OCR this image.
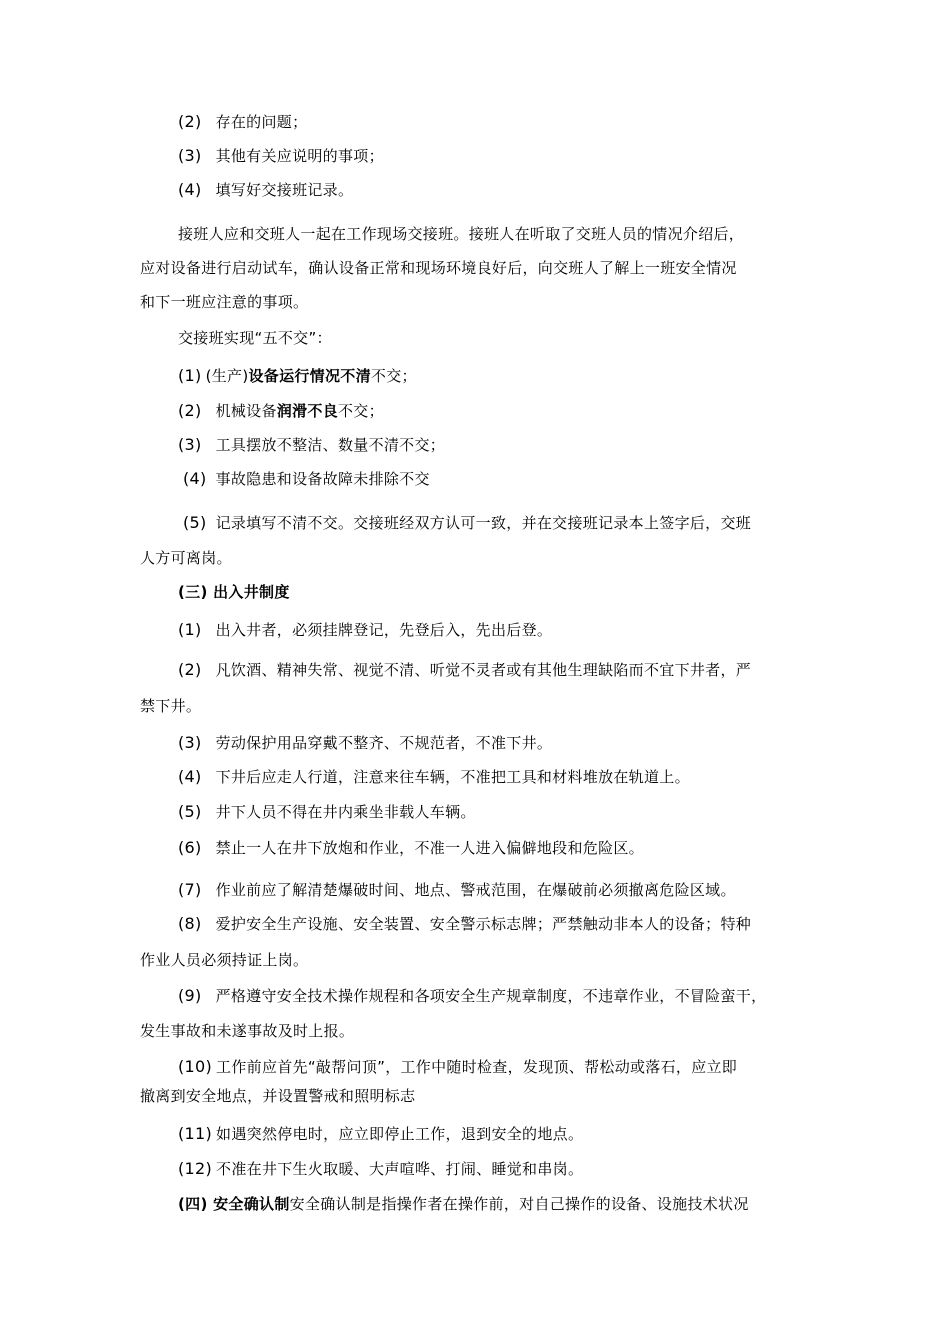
(2) 存在的问题；
(3) 其他有关应说明的事项；
(4) 填写好交接班记录。
接班人应和交班人一起在工作现场交接班。接班人在听取了交班人员的情况介绍后，
应对设备进行启动试车，确认设备正常和现场环境良好后，向交班人了解上一班安全情况
和下一班应注意的事项。
交接班实现“五不交”：
(1) (生产)设备运行情况不清不交；
(2) 机械设备润滑不良不交；
(3) 工具摆放不整洁、数量不清不交；
(4) 事故隐患和设备故障未排除不交
(5) 记录填写不清不交。交接班经双方认可一致，并在交接班记录本上签字后，交班
人方可离岗。
(三) 出入井制度
(1) 出入井者，必须挂牌登记，先登后入，先出后登。
(2) 凡饮酒、精神失常、视觉不清、听觉不灵者或有其他生理缺陷而不宜下井者，严
禁下井。
(3) 劳动保护用品穿戴不整齐、不规范者，不准下井。
(4) 下井后应走人行道，注意来往车辆，不准把工具和材料堆放在轨道上。
(5) 井下人员不得在井内乘坐非载人车辆。
(6) 禁止一人在井下放炮和作业，不准一人进入偏僻地段和危险区。
(7) 作业前应了解清楚爆破时间、地点、警戒范围，在爆破前必须撤离危险区域。
(8) 爱护安全生产设施、安全装置、安全警示标志牌；严禁触动非本人的设备；特种
作业人员必须持证上岗。
(9) 严格遵守安全技术操作规程和各项安全生产规章制度，不违章作业，不冒险蛮干，
发生事故和未遂事故及时上报。
(10) 工作前应首先“敲帮问顶”，工作中随时检查，发现顶、帮松动或落石，应立即
撤离到安全地点，并设置警戒和照明标志
(11) 如遇突然停电时，应立即停止工作，退到安全的地点。
(12) 不准在井下生火取暖、大声喧哗、打闹、睡觉和串岗。
(四) 安全确认制安全确认制是指操作者在操作前，对自己操作的设备、设施技术状况
